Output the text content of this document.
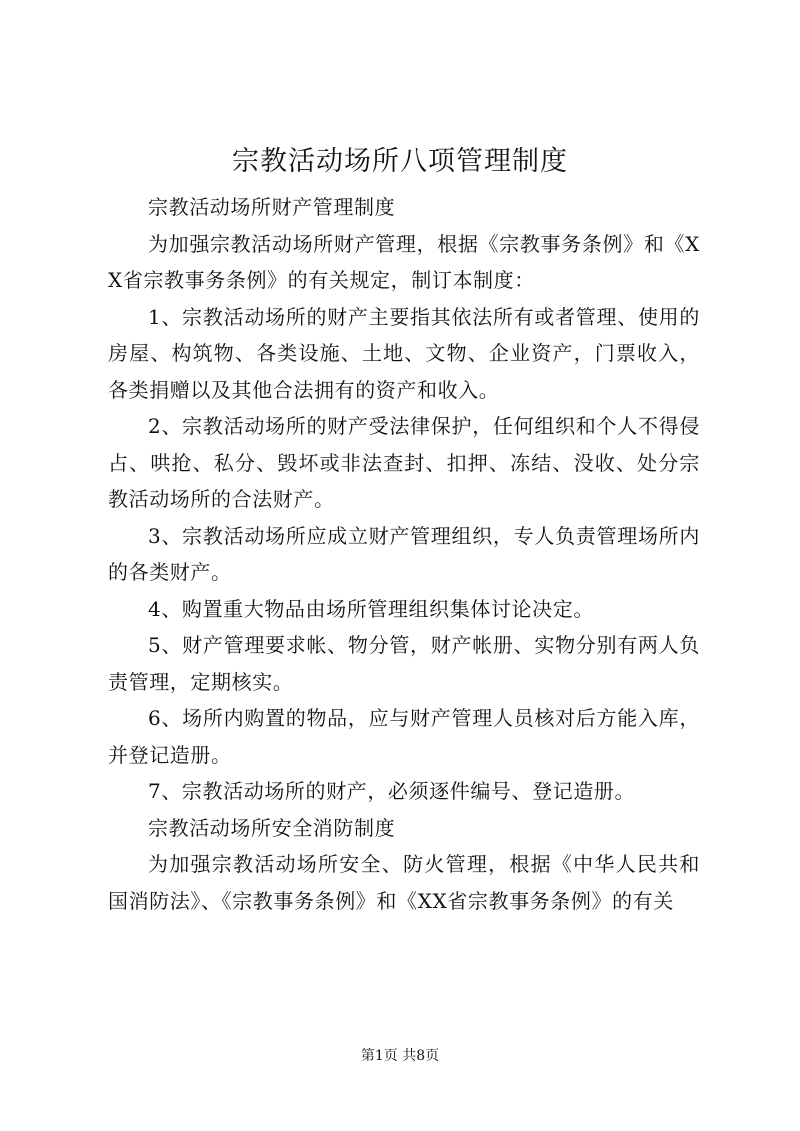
宗教活动场所八项管理制度

宗教活动场所财产管理制度

为加强宗教活动场所财产管理，根据《宗教事务条例》和《XX省宗教事务条例》的有关规定，制订本制度：

1、宗教活动场所的财产主要指其依法所有或者管理、使用的房屋、构筑物、各类设施、土地、文物、企业资产，门票收入，各类捐赠以及其他合法拥有的资产和收入。

2、宗教活动场所的财产受法律保护，任何组织和个人不得侵占、哄抢、私分、毁坏或非法查封、扣押、冻结、没收、处分宗教活动场所的合法财产。

3、宗教活动场所应成立财产管理组织，专人负责管理场所内的各类财产。

4、购置重大物品由场所管理组织集体讨论决定。

5、财产管理要求帐、物分管，财产帐册、实物分别有两人负责管理，定期核实。

6、场所内购置的物品，应与财产管理人员核对后方能入库，并登记造册。

7、宗教活动场所的财产，必须逐件编号、登记造册。

宗教活动场所安全消防制度

为加强宗教活动场所安全、防火管理，根据《中华人民共和国消防法》、《宗教事务条例》和《XX省宗教事务条例》的有关

第1页 共8页
